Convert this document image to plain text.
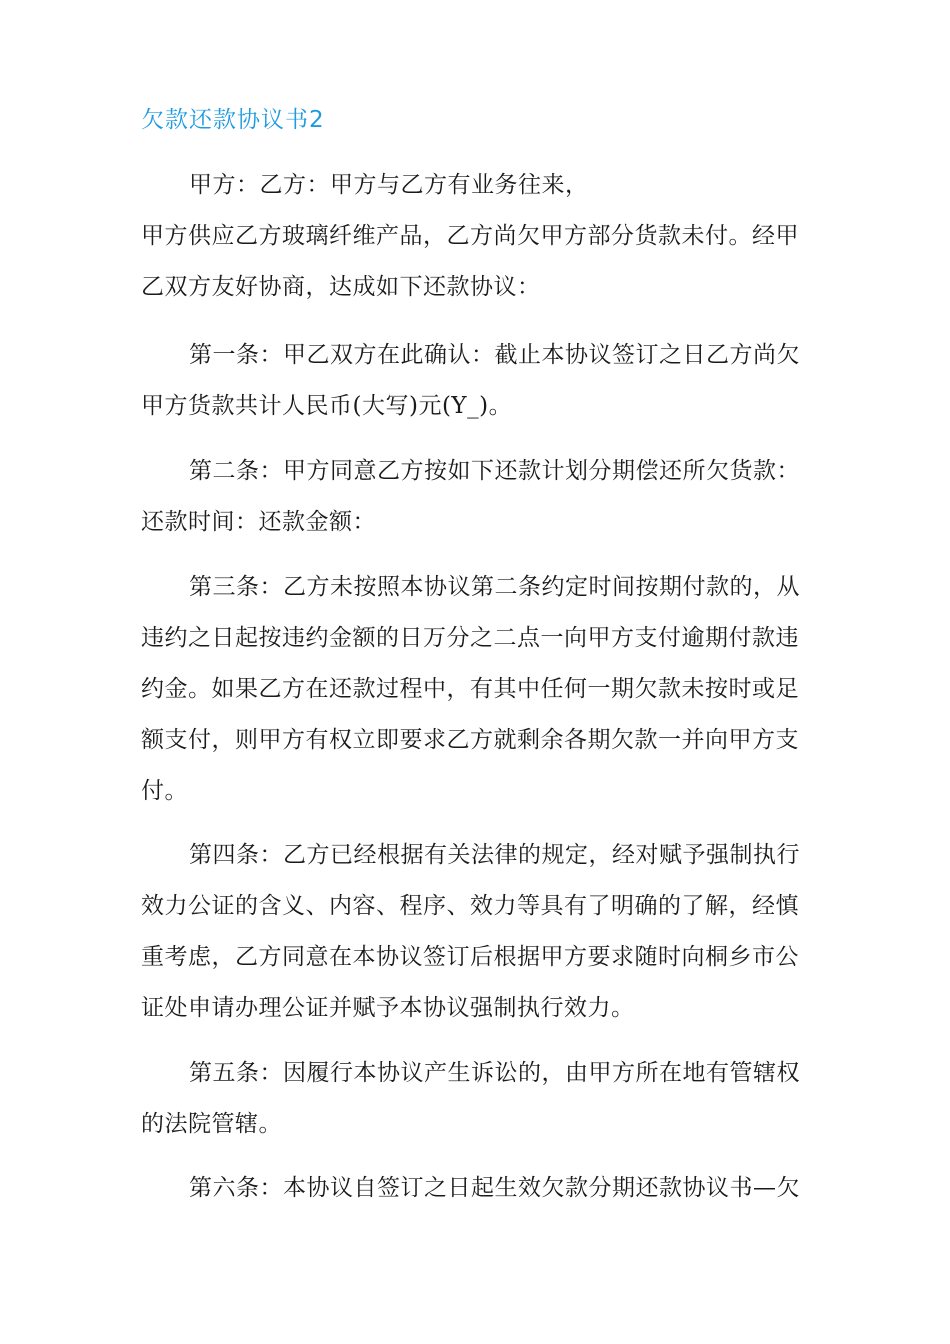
欠款还款协议书2
甲方：乙方：甲方与乙方有业务往来，
甲方供应乙方玻璃纤维产品，乙方尚欠甲方部分货款未付。经甲
乙双方友好协商，达成如下还款协议：
第一条：甲乙双方在此确认：截止本协议签订之日乙方尚欠
甲方货款共计人民币(大写)元(Y_)。
第二条：甲方同意乙方按如下还款计划分期偿还所欠货款：
还款时间：还款金额：
第三条：乙方未按照本协议第二条约定时间按期付款的，从
违约之日起按违约金额的日万分之二点一向甲方支付逾期付款违
约金。如果乙方在还款过程中，有其中任何一期欠款未按时或足
额支付，则甲方有权立即要求乙方就剩余各期欠款一并向甲方支
付。
第四条：乙方已经根据有关法律的规定，经对赋予强制执行
效力公证的含义、内容、程序、效力等具有了明确的了解，经慎
重考虑，乙方同意在本协议签订后根据甲方要求随时向桐乡市公
证处申请办理公证并赋予本协议强制执行效力。
第五条：因履行本协议产生诉讼的，由甲方所在地有管辖权
的法院管辖。
第六条：本协议自签订之日起生效欠款分期还款协议书—欠
